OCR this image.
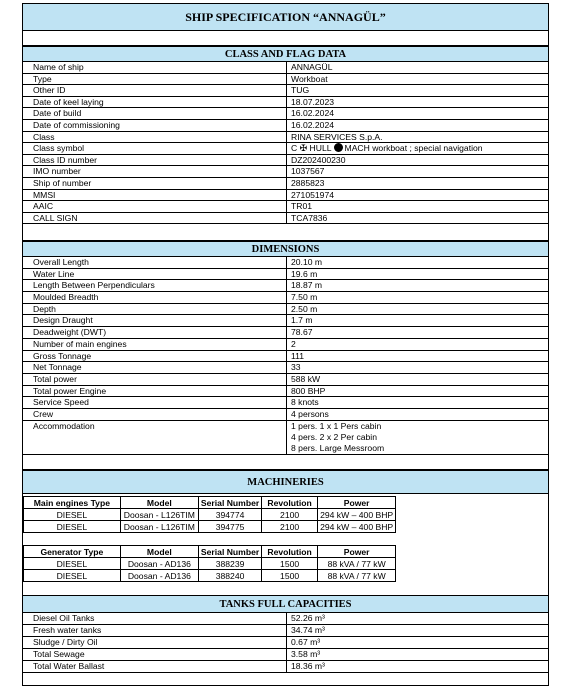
SHIP SPECIFICATION “ANNAGÜL”
CLASS AND FLAG DATA
Name of ship	ANNAGÜL
Type	Workboat
Other ID	TUG
Date of keel laying	18.07.2023
Date of build	16.02.2024
Date of commissioning	16.02.2024
Class	RINA SERVICES S.p.A.
Class symbol	C ✠ HULL MACH workboat ; special navigation
Class ID number	DZ202400230
IMO number	1037567
Ship of number	2885823
MMSI	271051974
AAIC	TR01
CALL SIGN	TCA7836
DIMENSIONS
Overall Length	20.10 m
Water Line	19.6 m
Length Between Perpendiculars	18.87 m
Moulded Breadth	7.50 m
Depth	2.50 m
Design Draught	1.7 m
Deadweight (DWT)	78.67
Number of main engines	2
Gross Tonnage	111
Net Tonnage	33
Total power	588 kW
Total power Engine	800 BHP
Service Speed	8 knots
Crew	4 persons
Accommodation	1 pers. 1 x 1 Pers cabin
4 pers. 2 x 2 Per cabin
8 pers. Large Messroom
MACHINERIES
Main engines Type	Model	Serial Number	Revolution	Power
DIESEL	Doosan - L126TIM	394774	2100	294 kW – 400 BHP
DIESEL	Doosan - L126TIM	394775	2100	294 kW – 400 BHP
Generator Type	Model	Serial Number	Revolution	Power
DIESEL	Doosan - AD136	388239	1500	88 kVA / 77 kW
DIESEL	Doosan - AD136	388240	1500	88 kVA / 77 kW
TANKS FULL CAPACITIES
Diesel Oil Tanks	52.26 m³
Fresh water tanks	34.74 m³
Sludge / Dirty Oil	0.67 m³
Total Sewage	3.58 m³
Total Water Ballast	18.36 m³
